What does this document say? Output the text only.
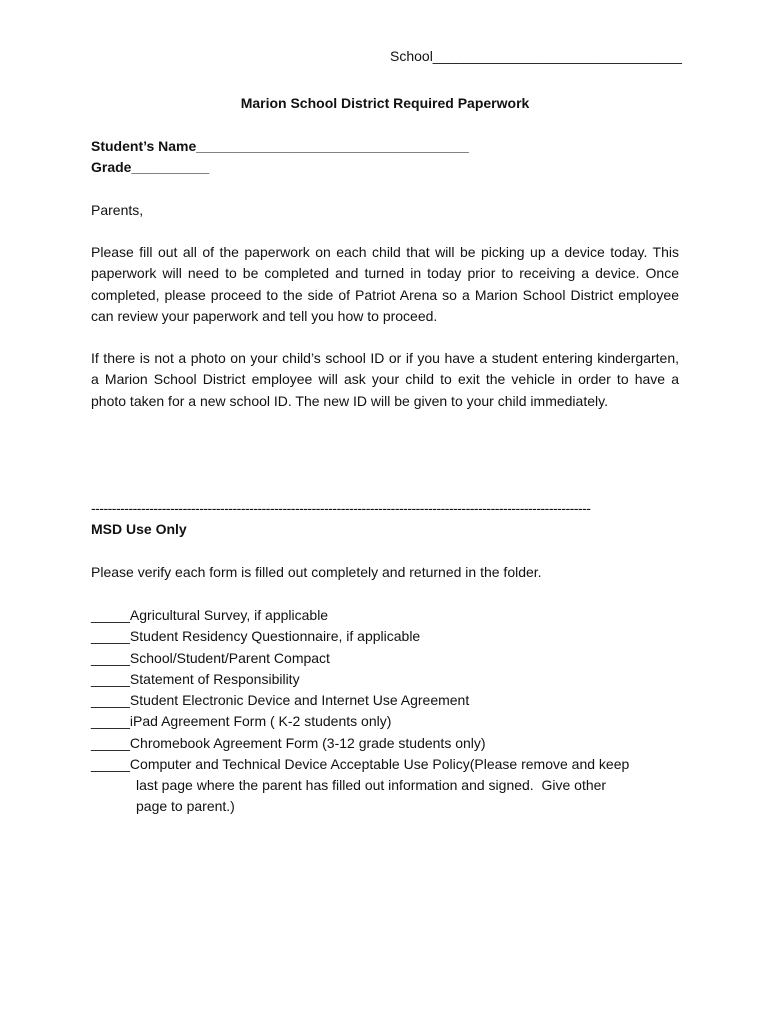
School________________________________
Marion School District Required Paperwork
Student’s Name___________________________________
Grade__________
Parents,
Please fill out all of the paperwork on each child that will be picking up a device today. This paperwork will need to be completed and turned in today prior to receiving a device. Once completed, please proceed to the side of Patriot Arena so a Marion School District employee can review your paperwork and tell you how to proceed.
If there is not a photo on your child’s school ID or if you have a student entering kindergarten, a Marion School District employee will ask your child to exit the vehicle in order to have a photo taken for a new school ID. The new ID will be given to your child immediately.
------------------------------------------------------------------------------------------------------------------------
MSD Use Only
Please verify each form is filled out completely and returned in the folder.
_____Agricultural Survey, if applicable
_____Student Residency Questionnaire, if applicable
_____School/Student/Parent Compact
_____Statement of Responsibility
_____Student Electronic Device and Internet Use Agreement
_____iPad Agreement Form ( K-2 students only)
_____Chromebook Agreement Form (3-12 grade students only)
_____Computer and Technical Device Acceptable Use Policy(Please remove and keep
last page where the parent has filled out information and signed.  Give other
page to parent.)
